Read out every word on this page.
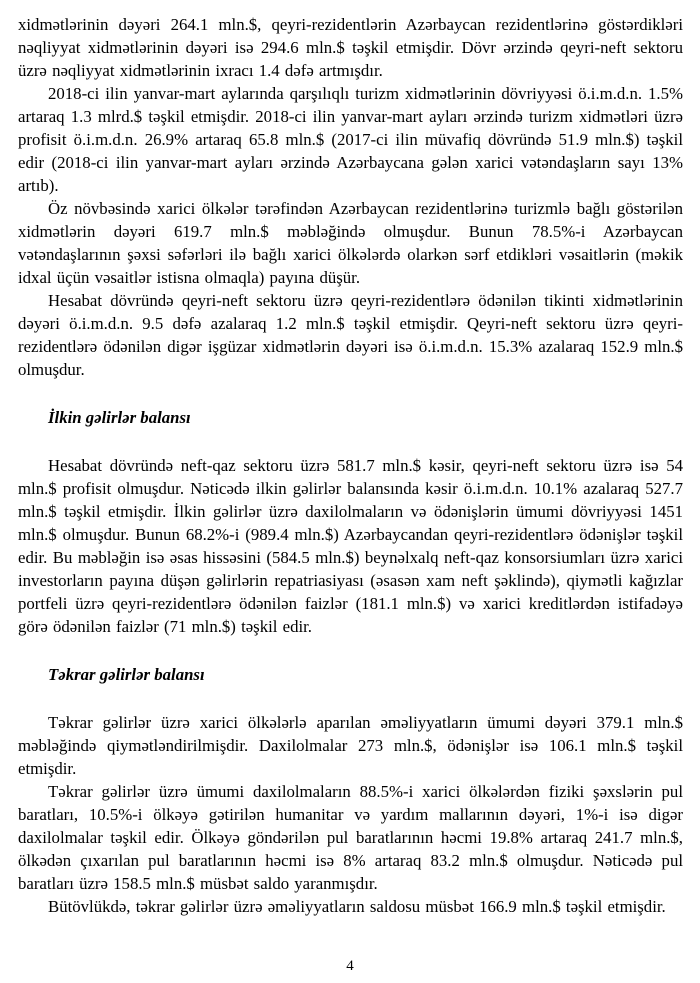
xidmətlərinin dəyəri 264.1 mln.$, qeyri-rezidentlərin Azərbaycan rezidentlərinə göstərdikləri nəqliyyat xidmətlərinin dəyəri isə 294.6 mln.$ təşkil etmişdir. Dövr ərzində qeyri-neft sektoru üzrə nəqliyyat xidmətlərinin ixracı 1.4 dəfə artmışdır.

2018-ci ilin yanvar-mart aylarında qarşılıqlı turizm xidmətlərinin dövriyyəsi ö.i.m.d.n. 1.5% artaraq 1.3 mlrd.$ təşkil etmişdir. 2018-ci ilin yanvar-mart ayları ərzində turizm xidmətləri üzrə profisit ö.i.m.d.n. 26.9% artaraq 65.8 mln.$ (2017-ci ilin müvafiq dövründə 51.9 mln.$) təşkil edir (2018-ci ilin yanvar-mart ayları ərzində Azərbaycana gələn xarici vətəndaşların sayı 13% artıb).

Öz növbəsində xarici ölkələr tərəfindən Azərbaycan rezidentlərinə turizmlə bağlı göstərilən xidmətlərin dəyəri 619.7 mln.$ məbləğində olmuşdur. Bunun 78.5%-i Azərbaycan vətəndaşlarının şəxsi səfərləri ilə bağlı xarici ölkələrdə olarkən sərf etdikləri vəsaitlərin (məkik idxal üçün vəsaitlər istisna olmaqla) payına düşür.

Hesabat dövründə qeyri-neft sektoru üzrə qeyri-rezidentlərə ödənilən tikinti xidmətlərinin dəyəri ö.i.m.d.n. 9.5 dəfə azalaraq 1.2 mln.$ təşkil etmişdir. Qeyri-neft sektoru üzrə qeyri-rezidentlərə ödənilən digər işgüzar xidmətlərin dəyəri isə ö.i.m.d.n. 15.3% azalaraq 152.9 mln.$ olmuşdur.

İlkin gəlirlər balansı

Hesabat dövründə neft-qaz sektoru üzrə 581.7 mln.$ kəsir, qeyri-neft sektoru üzrə isə 54 mln.$ profisit olmuşdur. Nəticədə ilkin gəlirlər balansında kəsir ö.i.m.d.n. 10.1% azalaraq 527.7 mln.$ təşkil etmişdir. İlkin gəlirlər üzrə daxilolmaların və ödənişlərin ümumi dövriyyəsi 1451 mln.$ olmuşdur. Bunun 68.2%-i (989.4 mln.$) Azərbaycandan qeyri-rezidentlərə ödənişlər təşkil edir. Bu məbləğin isə əsas hissəsini (584.5 mln.$) beynəlxalq neft-qaz konsorsiumları üzrə xarici investorların payına düşən gəlirlərin repatriasiyası (əsasən xam neft şəklində), qiymətli kağızlar portfeli üzrə qeyri-rezidentlərə ödənilən faizlər (181.1 mln.$) və xarici kreditlərdən istifadəyə görə ödənilən faizlər (71 mln.$) təşkil edir.

Təkrar gəlirlər balansı

Təkrar gəlirlər üzrə xarici ölkələrlə aparılan əməliyyatların ümumi dəyəri 379.1 mln.$ məbləğində qiymətləndirilmişdir. Daxilolmalar 273 mln.$, ödənişlər isə 106.1 mln.$ təşkil etmişdir.

Təkrar gəlirlər üzrə ümumi daxilolmaların 88.5%-i xarici ölkələrdən fiziki şəxslərin pul baratları, 10.5%-i ölkəyə gətirilən humanitar və yardım mallarının dəyəri, 1%-i isə digər daxilolmalar təşkil edir. Ölkəyə göndərilən pul baratlarının həcmi 19.8% artaraq 241.7 mln.$, ölkədən çıxarılan pul baratlarının həcmi isə 8% artaraq 83.2 mln.$ olmuşdur. Nəticədə pul baratları üzrə 158.5 mln.$ müsbət saldo yaranmışdır.

Bütövlükdə, təkrar gəlirlər üzrə əməliyyatların saldosu müsbət 166.9 mln.$ təşkil etmişdir.

4
